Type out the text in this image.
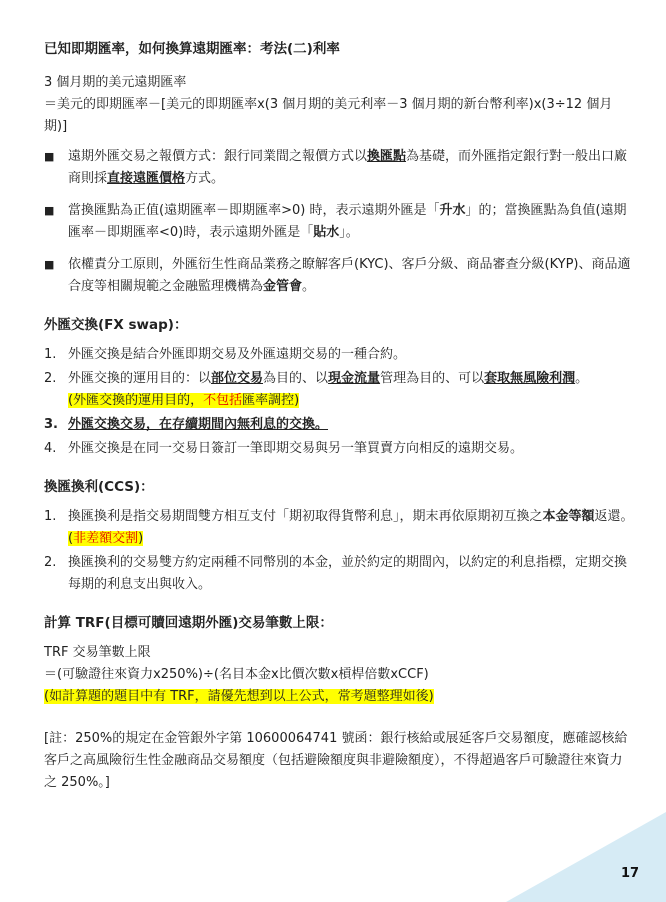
已知即期匯率，如何換算遠期匯率：考法(二)利率

3 個月期的美元遠期匯率

＝美元的即期匯率－[美元的即期匯率x(3 個月期的美元利率－3 個月期的新台幣利率)x(3÷12 個月期)]

■ 遠期外匯交易之報價方式：銀行同業間之報價方式以換匯點為基礎，而外匯指定銀行對一般出口廠商則採直接遠匯價格方式。
■ 當換匯點為正值(遠期匯率－即期匯率>0) 時，表示遠期外匯是「升水」的；當換匯點為負值(遠期匯率－即期匯率<0)時，表示遠期外匯是「貼水」。
■ 依權責分工原則，外匯衍生性商品業務之瞭解客戶(KYC)、客戶分級、商品審查分級(KYP)、商品適合度等相關規範之金融監理機構為金管會。

外匯交換(FX swap)：

1. 外匯交換是結合外匯即期交易及外匯遠期交易的一種合約。
2. 外匯交換的運用目的：以部位交易為目的、以現金流量管理為目的、可以套取無風險利潤。
(外匯交換的運用目的，不包括匯率調控)
3. 外匯交換交易，在存續期間內無利息的交換。
4. 外匯交換是在同一交易日簽訂一筆即期交易與另一筆買賣方向相反的遠期交易。

換匯換利(CCS)：

1. 換匯換利是指交易期間雙方相互支付「期初取得貨幣利息」，期末再依原期初互換之本金等額返還。(非差額交割)
2. 換匯換利的交易雙方約定兩種不同幣別的本金，並於約定的期間內，以約定的利息指標，定期交換每期的利息支出與收入。

計算 TRF(目標可贖回遠期外匯)交易筆數上限：

TRF 交易筆數上限

＝(可驗證往來資力x250%)÷(名目本金x比價次數x槓桿倍數xCCF)

(如計算題的題目中有 TRF，請優先想到以上公式，常考題整理如後)

[註：250%的規定在金管銀外字第 10600064741 號函：銀行核給或展延客戶交易額度，應確認核給客戶之高風險衍生性金融商品交易額度（包括避險額度與非避險額度），不得超過客戶可驗證往來資力之 250%。]

17
